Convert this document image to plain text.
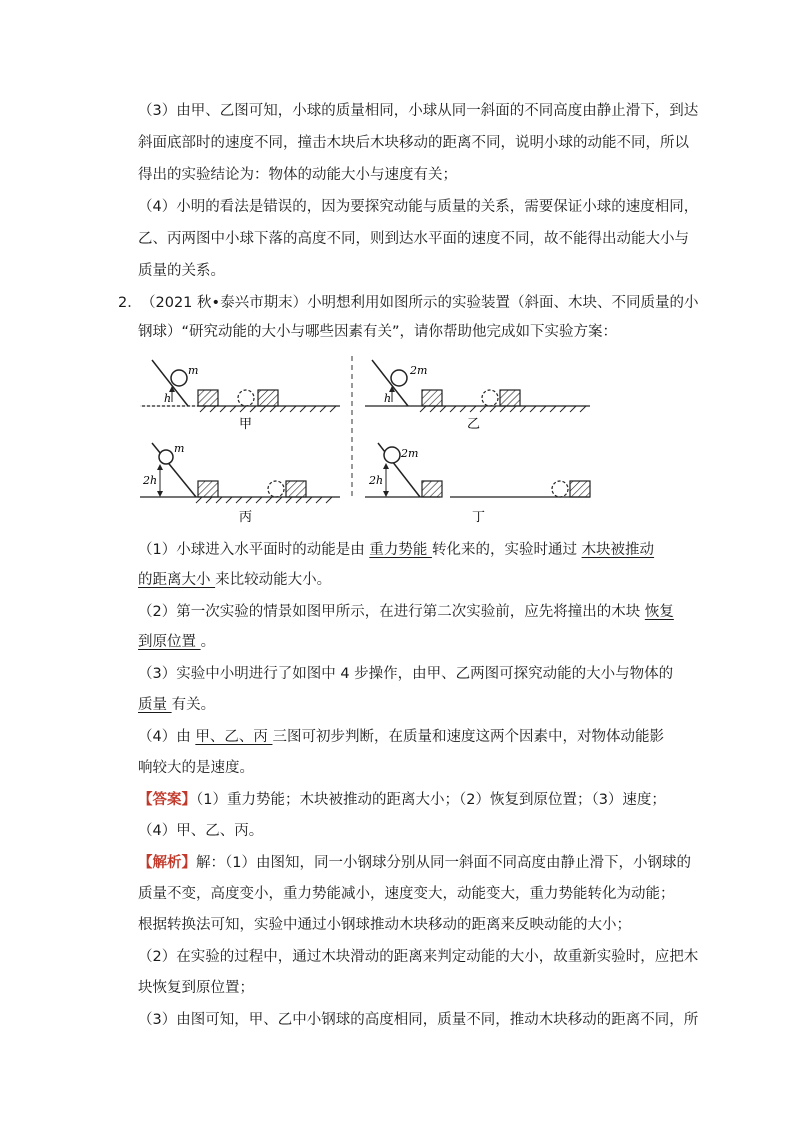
（3）由甲、乙图可知，小球的质量相同，小球从同一斜面的不同高度由静止滑下，到达

斜面底部时的速度不同，撞击木块后木块移动的距离不同，说明小球的动能不同，所以

得出的实验结论为：物体的动能大小与速度有关；

（4）小明的看法是错误的，因为要探究动能与质量的关系，需要保证小球的速度相同，

乙、丙两图中小球下落的高度不同，则到达水平面的速度不同，故不能得出动能大小与

质量的关系。

2． （2021 秋•泰兴市期末）小明想利用如图所示的实验装置（斜面、木块、不同质量的小

钢球）“研究动能的大小与哪些因素有关”，请你帮助他完成如下实验方案：

m
h
甲
2m
h
乙
m
2h
丙
2m
2h
丁

（1）小球进入水平面时的动能是由 重力势能 转化来的，实验时通过 木块被推动

的距离大小 来比较动能大小。

（2）第一次实验的情景如图甲所示，在进行第二次实验前，应先将撞出的木块 恢复

到原位置 。

（3）实验中小明进行了如图中 4 步操作，由甲、乙两图可探究动能的大小与物体的

质量 有关。

（4）由 甲、乙、丙 三图可初步判断，在质量和速度这两个因素中，对物体动能影

响较大的是速度。

【答案】（1）重力势能；木块被推动的距离大小；（2）恢复到原位置；（3）速度；

（4）甲、乙、丙。

【解析】解：（1）由图知，同一小钢球分别从同一斜面不同高度由静止滑下，小钢球的

质量不变，高度变小，重力势能减小，速度变大，动能变大，重力势能转化为动能；

根据转换法可知，实验中通过小钢球推动木块移动的距离来反映动能的大小；

（2）在实验的过程中，通过木块滑动的距离来判定动能的大小，故重新实验时，应把木

块恢复到原位置；

（3）由图可知，甲、乙中小钢球的高度相同，质量不同，推动木块移动的距离不同，所
